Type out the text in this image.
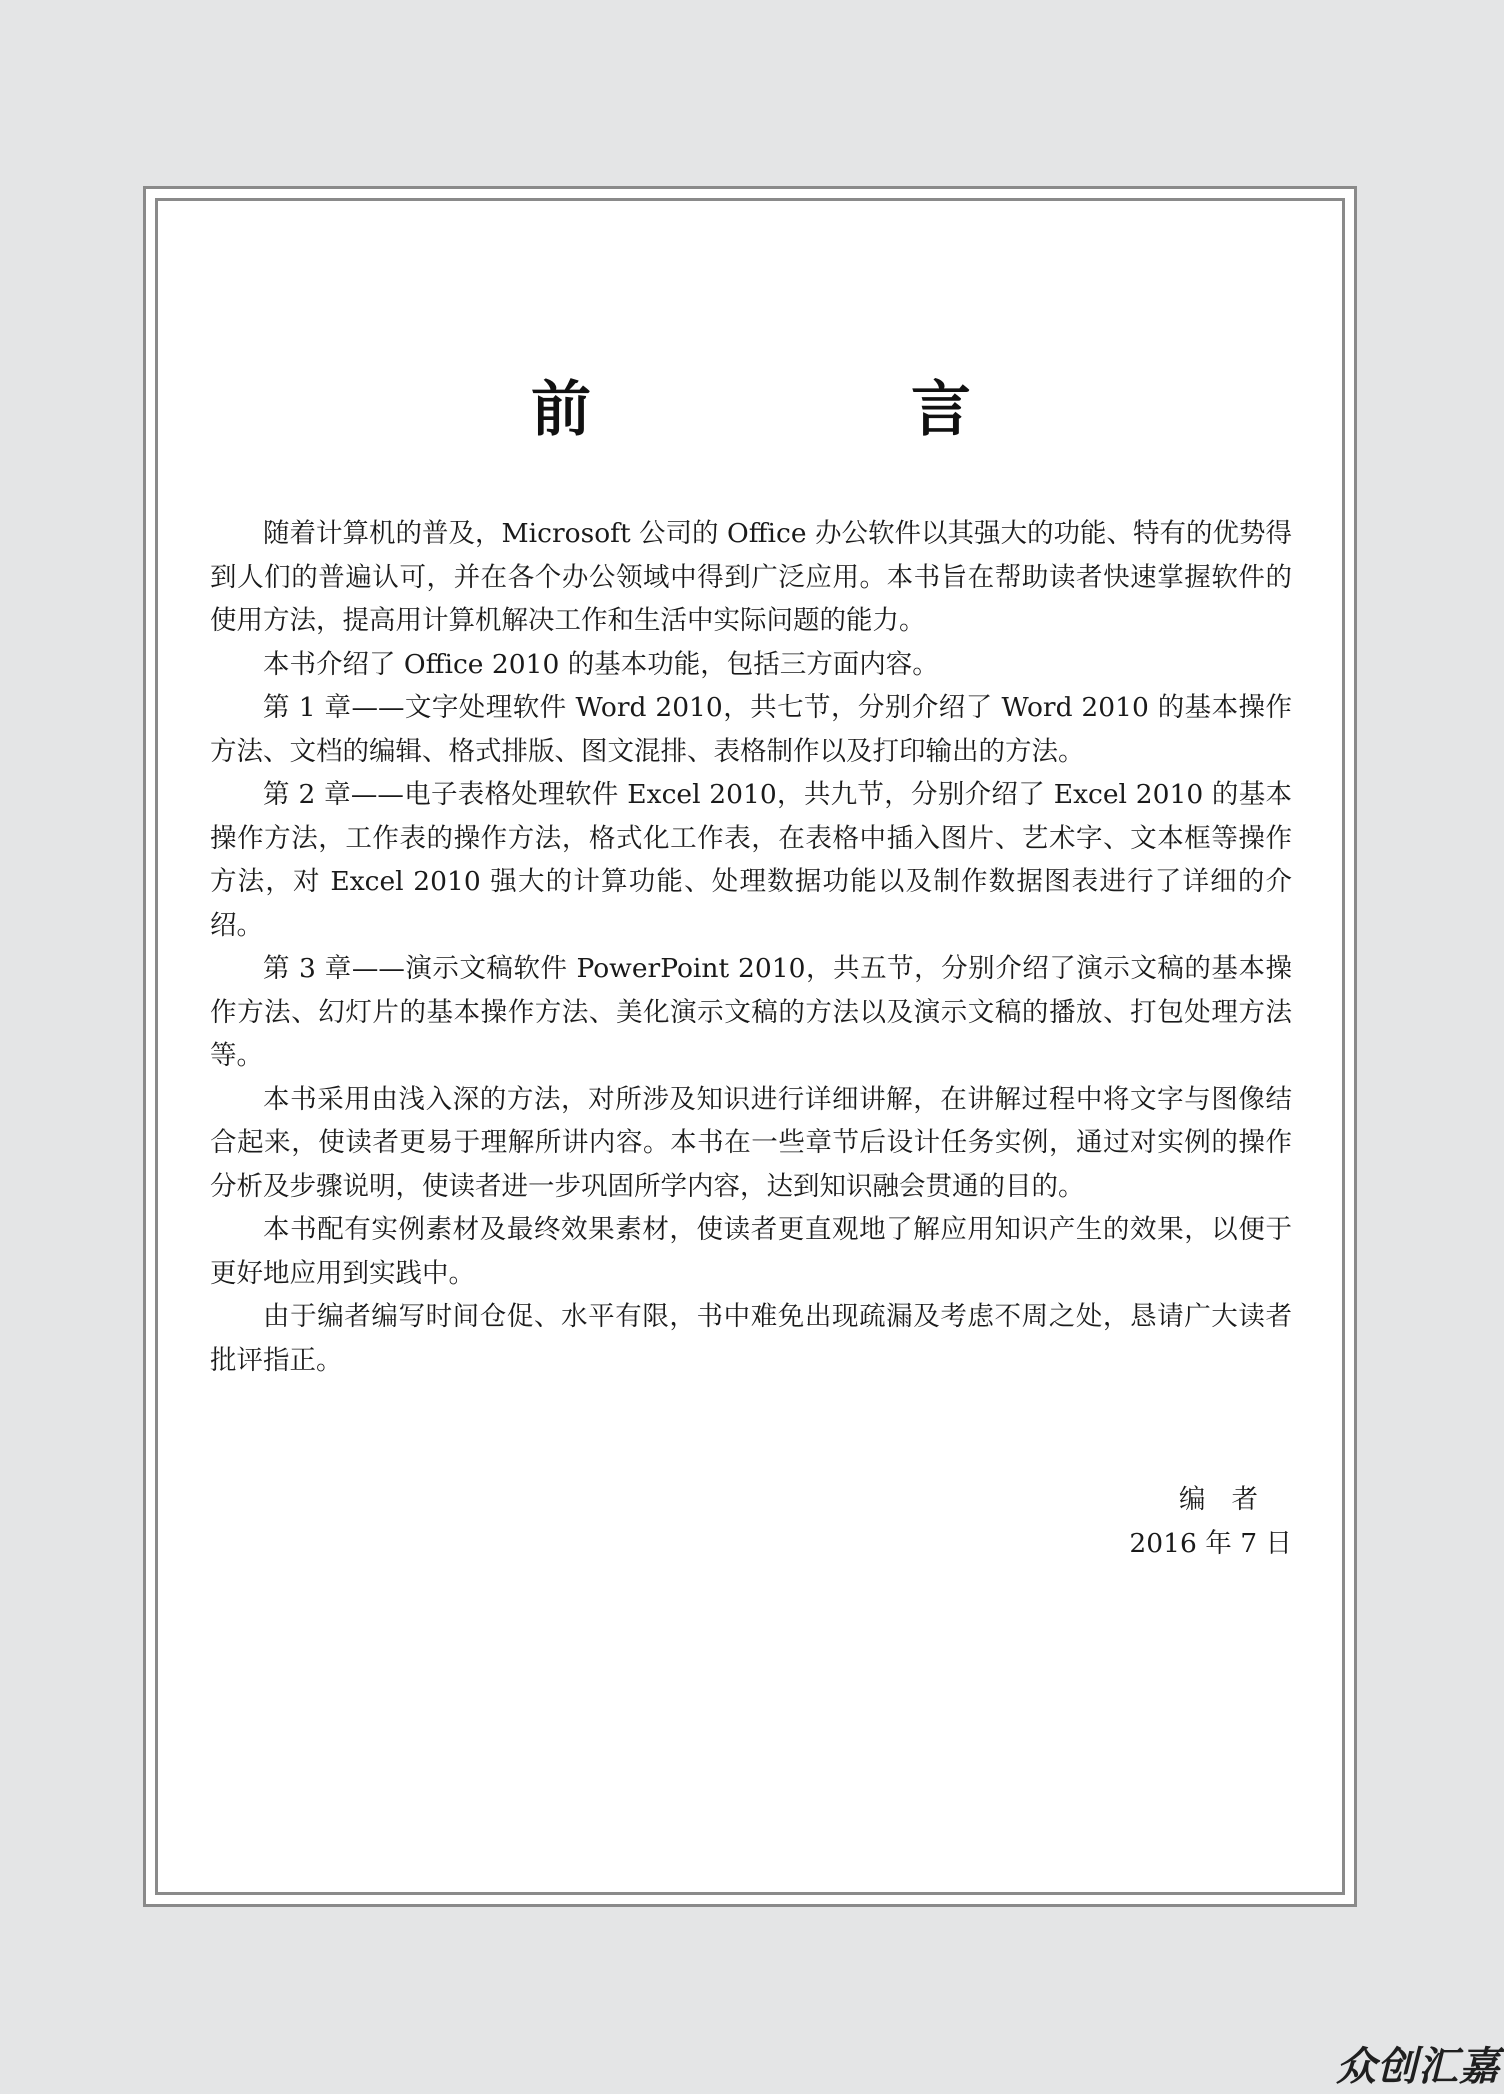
前　言

随着计算机的普及，Microsoft 公司的 Office 办公软件以其强大的功能、特有的优势得到人们的普遍认可，并在各个办公领域中得到广泛应用。本书旨在帮助读者快速掌握软件的使用方法，提高用计算机解决工作和生活中实际问题的能力。

本书介绍了 Office 2010 的基本功能，包括三方面内容。

第 1 章——文字处理软件 Word 2010，共七节，分别介绍了 Word 2010 的基本操作方法、文档的编辑、格式排版、图文混排、表格制作以及打印输出的方法。

第 2 章——电子表格处理软件 Excel 2010，共九节，分别介绍了 Excel 2010 的基本操作方法，工作表的操作方法，格式化工作表，在表格中插入图片、艺术字、文本框等操作方法，对 Excel 2010 强大的计算功能、处理数据功能以及制作数据图表进行了详细的介绍。

第 3 章——演示文稿软件 PowerPoint 2010，共五节，分别介绍了演示文稿的基本操作方法、幻灯片的基本操作方法、美化演示文稿的方法以及演示文稿的播放、打包处理方法等。

本书采用由浅入深的方法，对所涉及知识进行详细讲解，在讲解过程中将文字与图像结合起来，使读者更易于理解所讲内容。本书在一些章节后设计任务实例，通过对实例的操作分析及步骤说明，使读者进一步巩固所学内容，达到知识融会贯通的目的。

本书配有实例素材及最终效果素材，使读者更直观地了解应用知识产生的效果，以便于更好地应用到实践中。

由于编者编写时间仓促、水平有限，书中难免出现疏漏及考虑不周之处，恳请广大读者批评指正。

编者
2016 年 7 日
众创汇嘉
